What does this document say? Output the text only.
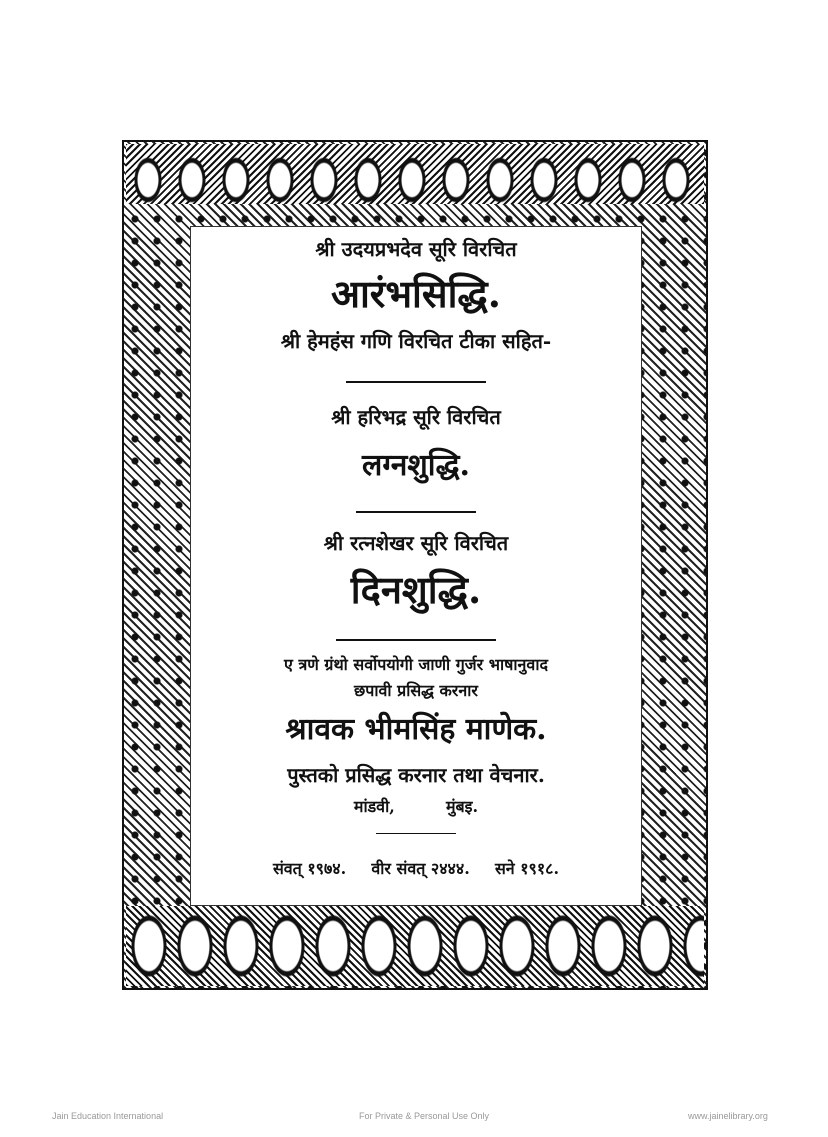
श्री उदयप्रभदेव सूरि विरचित
आरंभसिद्धि.
श्री हेमहंस गणि विरचित टीका सहित-
श्री हरिभद्र सूरि विरचित
लग्नशुद्धि.
श्री रत्नशेखर सूरि विरचित
दिनशुद्धि.
ए त्रणे ग्रंथो सर्वोपयोगी जाणी गुर्जर भाषानुवाद
छपावी प्रसिद्ध करनार
श्रावक भीमसिंह माणेक.
पुस्तको प्रसिद्ध करनार तथा वेचनार.
मांडवी,	मुंबइ.
संवत् १९७४. वीर संवत् २४४४. सने १९१८.
Jain Education International	For Private & Personal Use Only	www.jainelibrary.org
